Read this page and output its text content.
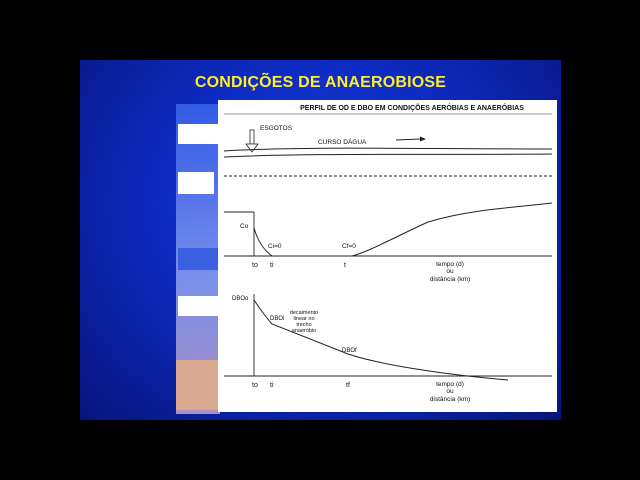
CONDIÇÕES DE ANAEROBIOSE
PERFIL DE OD E DBO EM CONDIÇÕES AERÓBIAS E ANAERÓBIAS
ESGOTOS
CURSO DÁGUA
Co
Ci=0	Cf=0
to ti	t	tempo (d)
ou
distância (km)
DBOo
DBOi
DBOf
decaimento
linear no
trecho
anaeróbio
to ti	tf	tempo (d)
ou
distância (km)
